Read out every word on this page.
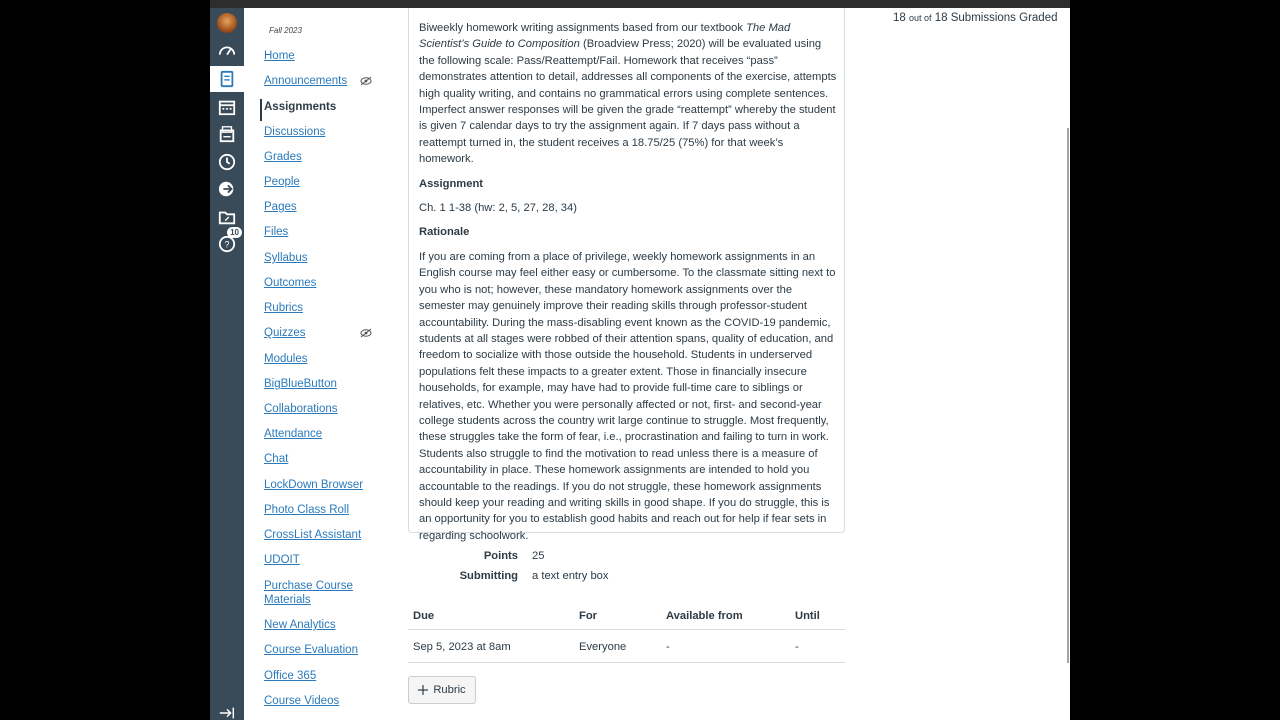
?
10
Fall 2023
Home
Announcements
Assignments
Discussions
Grades
People
Pages
Files
Syllabus
Outcomes
Rubrics
Quizzes
Modules
BigBlueButton
Collaborations
Attendance
Chat
LockDown Browser
Photo Class Roll
CrossList Assistant
UDOIT
Purchase Course Materials
New Analytics
Course Evaluation
Office 365
Course Videos

Biweekly homework writing assignments based from our textbook The Mad Scientist’s Guide to Composition (Broadview Press; 2020) will be evaluated using the following scale: Pass/Reattempt/Fail. Homework that receives “pass” demonstrates attention to detail, addresses all components of the exercise, attempts high quality writing, and contains no grammatical errors using complete sentences. Imperfect answer responses will be given the grade “reattempt” whereby the student is given 7 calendar days to try the assignment again. If 7 days pass without a reattempt turned in, the student receives a 18.75/25 (75%) for that week’s homework.

Assignment

Ch. 1 1-38 (hw: 2, 5, 27, 28, 34)

Rationale

If you are coming from a place of privilege, weekly homework assignments in an English course may feel either easy or cumbersome. To the classmate sitting next to you who is not; however, these mandatory homework assignments over the semester may genuinely improve their reading skills through professor-student accountability. During the mass-disabling event known as the COVID-19 pandemic, students at all stages were robbed of their attention spans, quality of education, and freedom to socialize with those outside the household. Students in underserved populations felt these impacts to a greater extent. Those in financially insecure households, for example, may have had to provide full-time care to siblings or relatives, etc. Whether you were personally affected or not, first- and second-year college students across the country writ large continue to struggle. Most frequently, these struggles take the form of fear, i.e., procrastination and failing to turn in work. Students also struggle to find the motivation to read unless there is a measure of accountability in place. These homework assignments are intended to hold you accountable to the readings. If you do not struggle, these homework assignments should keep your reading and writing skills in good shape. If you do struggle, this is an opportunity for you to establish good habits and reach out for help if fear sets in regarding schoolwork.

Points 25
Submitting a text entry box
Due	For	Available from	Until
Sep 5, 2023 at 8am	Everyone	-	-
Rubric
18 out of 18 Submissions Graded
